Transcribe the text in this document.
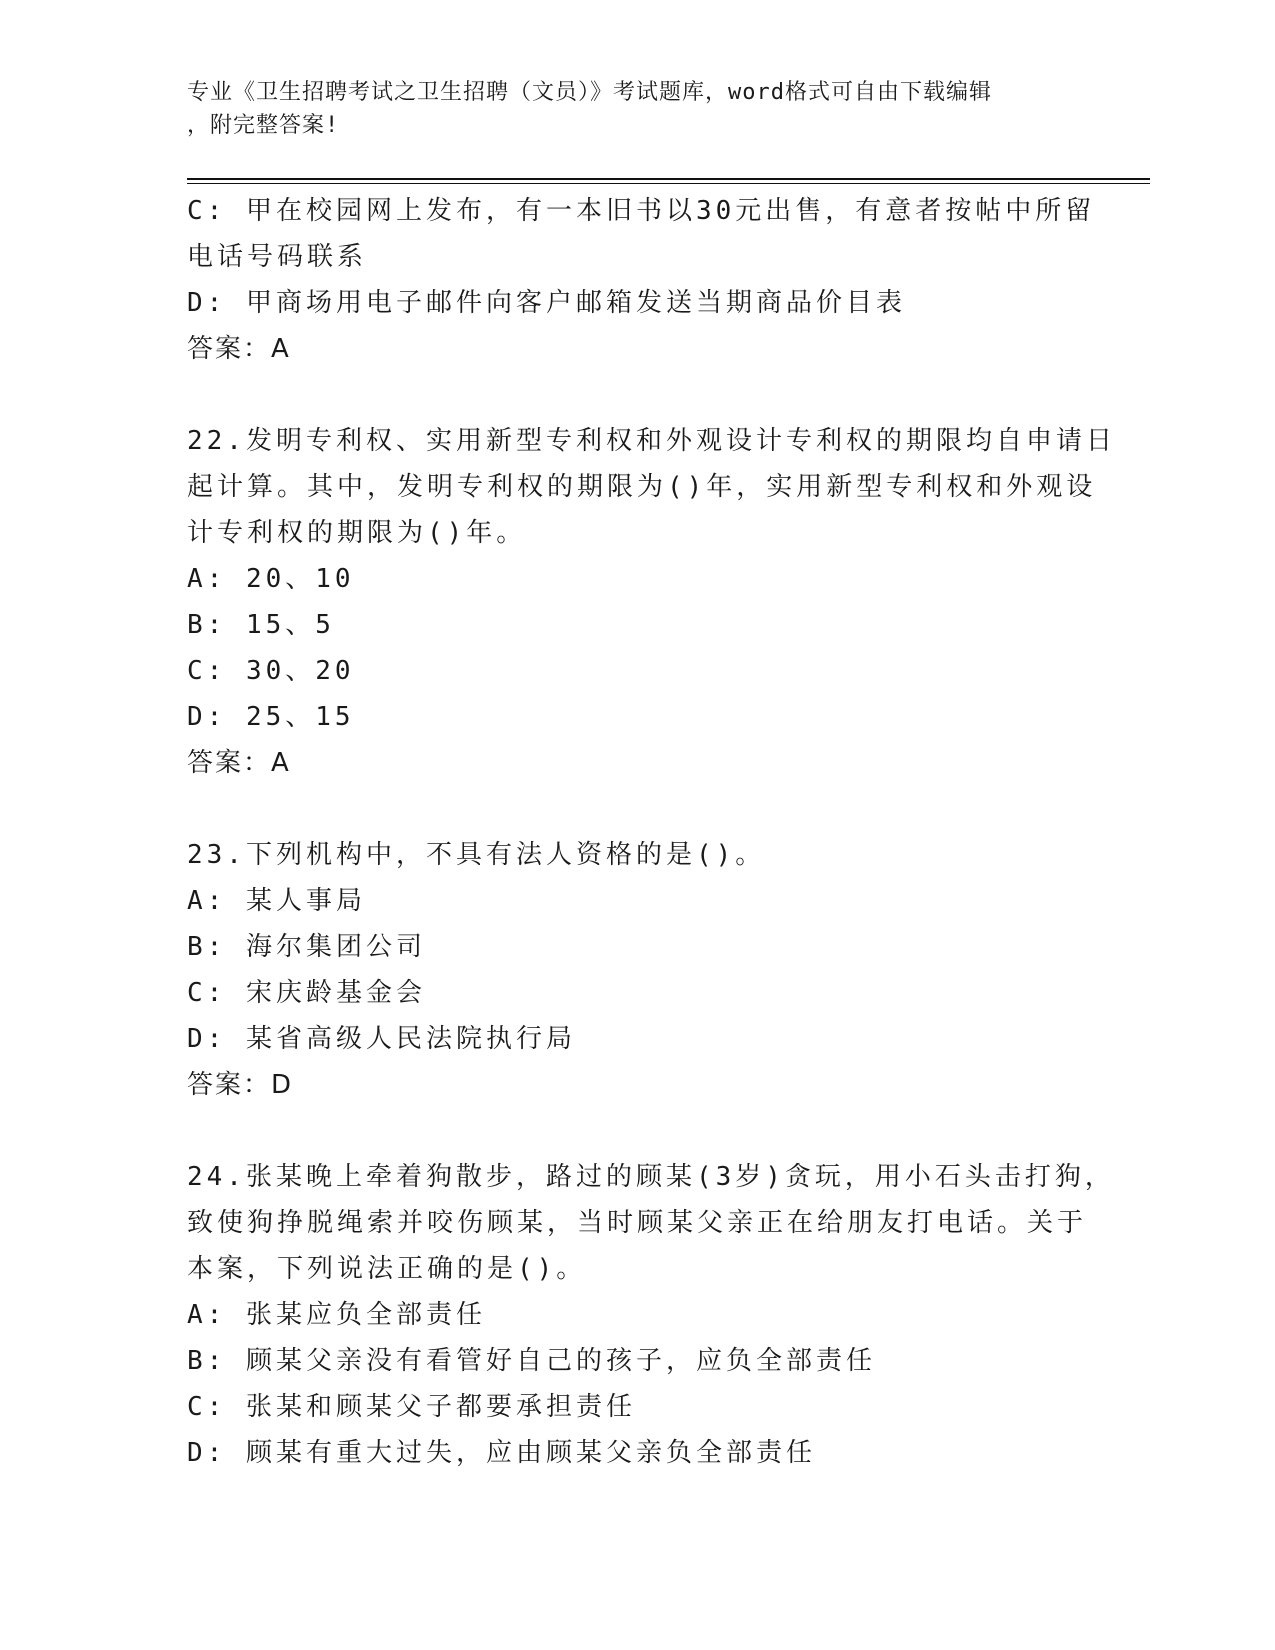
专业《卫生招聘考试之卫生招聘（文员）》考试题库，word格式可自由下载编辑
，附完整答案!
C: 甲在校园网上发布，有一本旧书以30元出售，有意者按帖中所留
电话号码联系
D: 甲商场用电子邮件向客户邮箱发送当期商品价目表
答案：A
22.发明专利权、实用新型专利权和外观设计专利权的期限均自申请日
起计算。其中，发明专利权的期限为()年，实用新型专利权和外观设
计专利权的期限为()年。
A: 20、10
B: 15、5
C: 30、20
D: 25、15
答案：A
23.下列机构中，不具有法人资格的是()。
A: 某人事局
B: 海尔集团公司
C: 宋庆龄基金会
D: 某省高级人民法院执行局
答案：D
24.张某晚上牵着狗散步，路过的顾某(3岁)贪玩，用小石头击打狗，
致使狗挣脱绳索并咬伤顾某，当时顾某父亲正在给朋友打电话。关于
本案，下列说法正确的是()。
A: 张某应负全部责任
B: 顾某父亲没有看管好自己的孩子，应负全部责任
C: 张某和顾某父子都要承担责任
D: 顾某有重大过失，应由顾某父亲负全部责任
